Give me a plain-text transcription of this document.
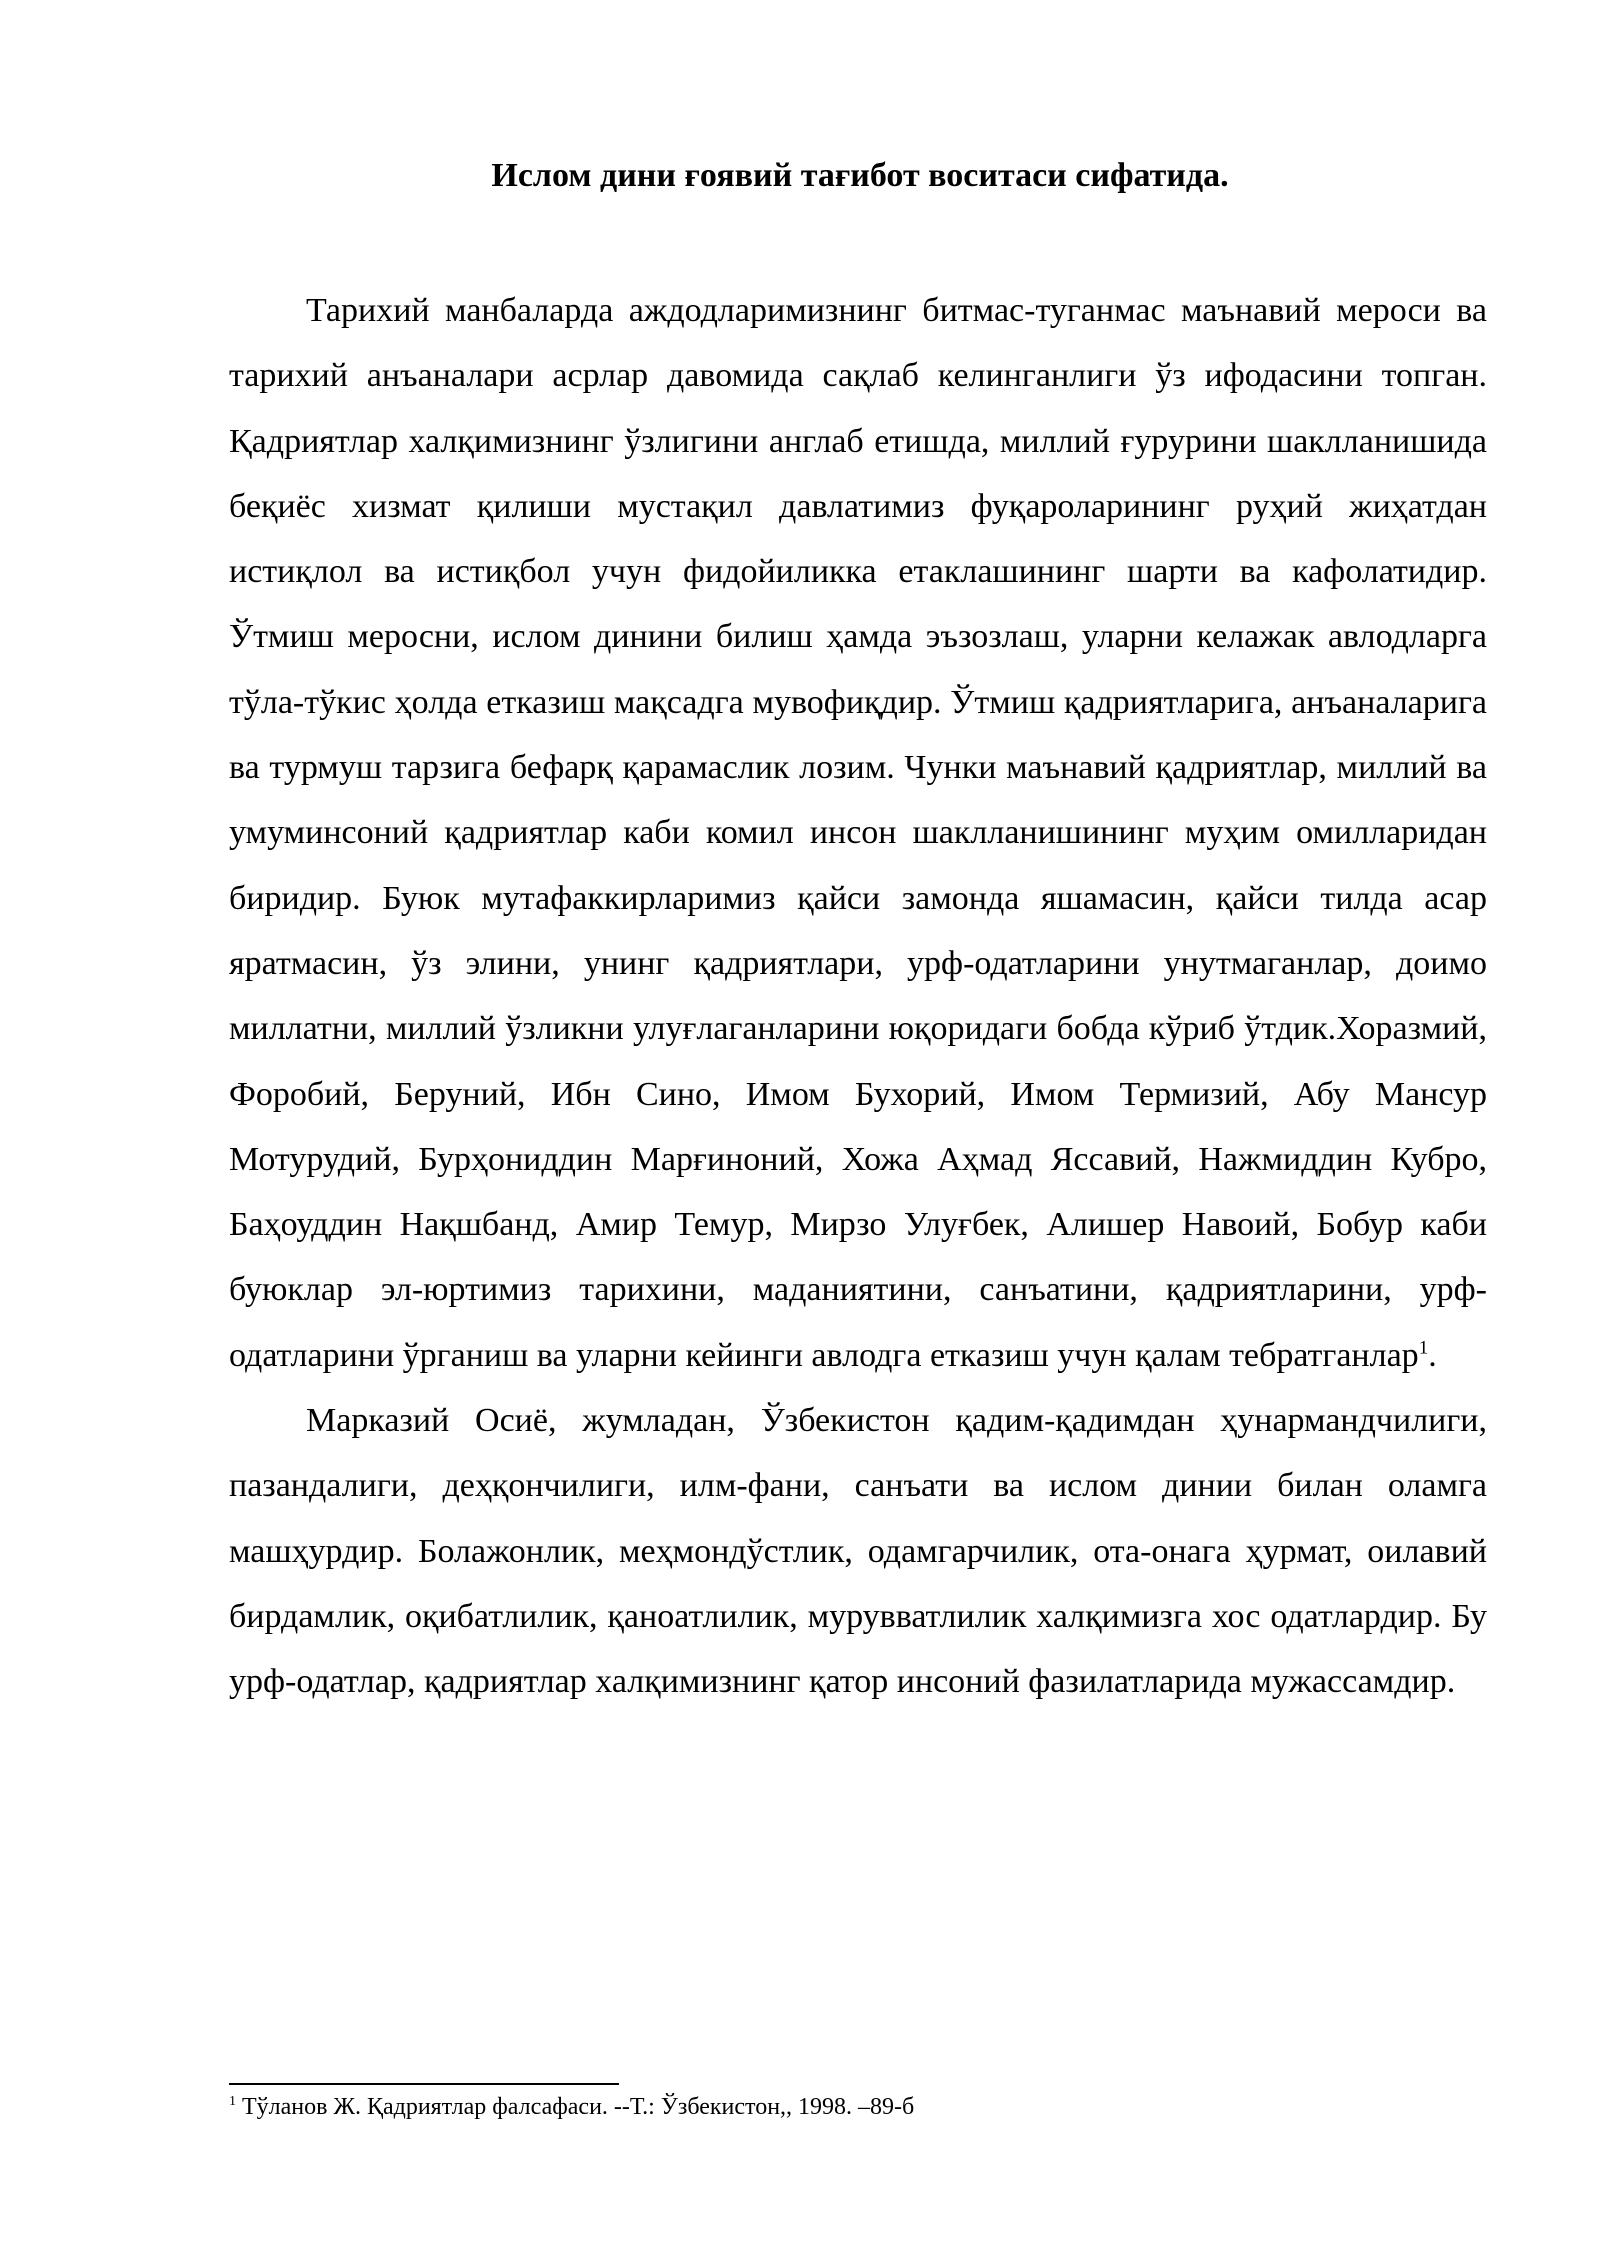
Ислом дини ғоявий тағибот воситаси сифатида.

Тарихий манбаларда аждодларимизнинг битмас-туганмас маънавий мероси ва тарихий анъаналари асрлар давомида сақлаб келинганлиги ўз ифодасини топган. Қадриятлар халқимизнинг ўзлигини англаб етишда, миллий ғурурини шаклланишида беқиёс хизмат қилиши мустақил давлатимиз фуқароларининг руҳий жиҳатдан истиқлол ва истиқбол учун фидойиликка етаклашининг шарти ва кафолатидир. Ўтмиш меросни, ислом динини билиш ҳамда эъзозлаш, уларни келажак авлодларга тўла-тўкис ҳолда етказиш мақсадга мувофиқдир. Ўтмиш қадриятларига, анъаналарига ва турмуш тарзига бефарқ қарамаслик лозим. Чунки маънавий қадриятлар, миллий ва умуминсоний қадриятлар каби комил инсон шаклланишининг муҳим омилларидан биридир. Буюк мутафаккирларимиз қайси замонда яшамасин, қайси тилда асар яратмасин, ўз элини, унинг қадриятлари, урф-одатларини унутмаганлар, доимо миллатни, миллий ўзликни улуғлаганларини юқоридаги бобда кўриб ўтдик.Хоразмий, Форобий, Беруний, Ибн Сино, Имом Бухорий, Имом Термизий, Абу Мансур Мотурудий, Бурҳониддин Марғиноний, Хожа Аҳмад Яссавий, Нажмиддин Кубро, Баҳоуддин Нақшбанд, Амир Темур, Мирзо Улуғбек, Алишер Навоий, Бобур каби буюклар эл-юртимиз тарихини, маданиятини, санъатини, қадриятларини, урф-одатларини ўрганиш ва уларни кейинги авлодга етказиш учун қалам тебратганлар$^1$.

Марказий Осиё, жумладан, Ўзбекистон қадим-қадимдан ҳунармандчилиги, пазандалиги, деҳқончилиги, илм-фани, санъати ва ислом динии билан оламга машҳурдир. Болажонлик, меҳмондўстлик, одамгарчилик, ота-онага ҳурмат, оилавий бирдамлик, оқибатлилик, қаноатлилик, мурувватлилик халқимизга хос одатлардир. Бу урф-одатлар, қадриятлар халқимизнинг қатор инсоний фазилатларида мужассамдир.

$^1$ Тўланов Ж. Қадриятлар фалсафаси. --Т.: Ўзбекистон,, 1998. –89-б
